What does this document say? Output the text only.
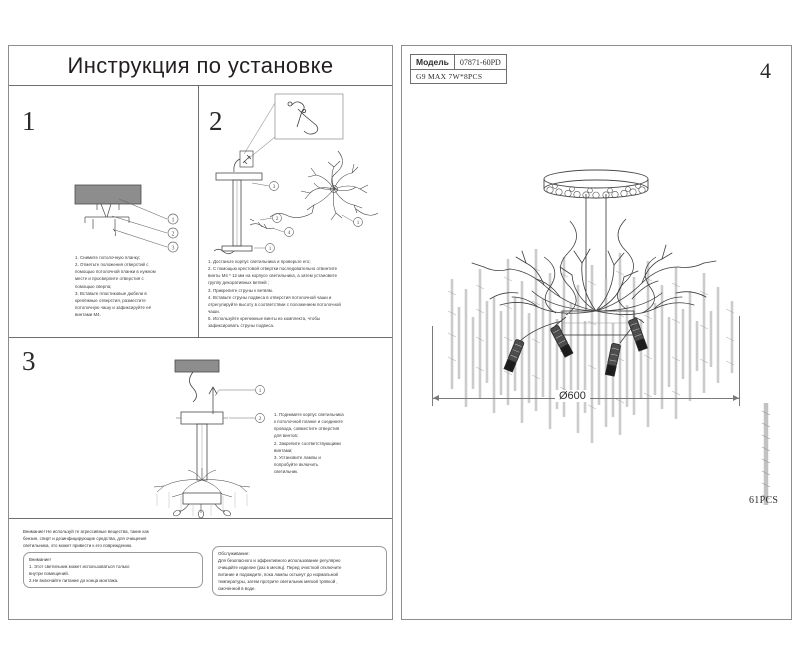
Инструкция по установке
1
1
2
3

1. Снимите потолочную планку;

2. Отметьте положения отверстий с

помощью потолочной планки в нужном

месте и просверлите отверстия с

помощью сверла;

3. Вставьте пластиковые дюбели в

крепёжные отверстия, разместите

потолочную чашу и зафиксируйте её

винтами М4.

2
3
2
4
1
1

1. Достаньте корпус светильника и проверьте его;

2. С помощью крестовой отвертки последовательно отвинтите

винты М4 * 12 мм на корпусе светильника, а затем установите

группу декоративных ветвей ;

3. Прикрепите струны к ветвям.

4. Вставьте струны подвеса в отверстия потолочной чаши и

отрегулируйте высоту в соответствии с положением потолочной

чаши.

5. Используйте крепежные винты из комплекта, чтобы

зафиксировать струны подвеса.

3
1
2

1. Поднимите корпус светильника

к потолочной планке и соедините

провода, совместите отверстия

для винтов;

2. Закрепите соответствующими

винтами;

3. Установите лампы и

попробуйте включить

светильник.

Внимание! Не используй те агрессивные вещества, такие как

бензин, спирт и дезинфицирующие средства, для очищения

светильника, это может привести к его повреждению.

Внимание!

1. Этот светильник может использоваться только

внутри помещений.

2.Не включайте питание до конца монтажа.

Обслуживание:

Для безопасного и эффективного использование регулярно

очищайте изделие (раз в месяц). Перед очисткой отключите

питание и подождите, пока лампы остынут до нормальной

температуры, затем протрите светильник мягкой тряпкой ,

смоченной в воде.

Модель	07871-60PD
G9 MAX 7W*8PCS	4
Ø600
61PCS
